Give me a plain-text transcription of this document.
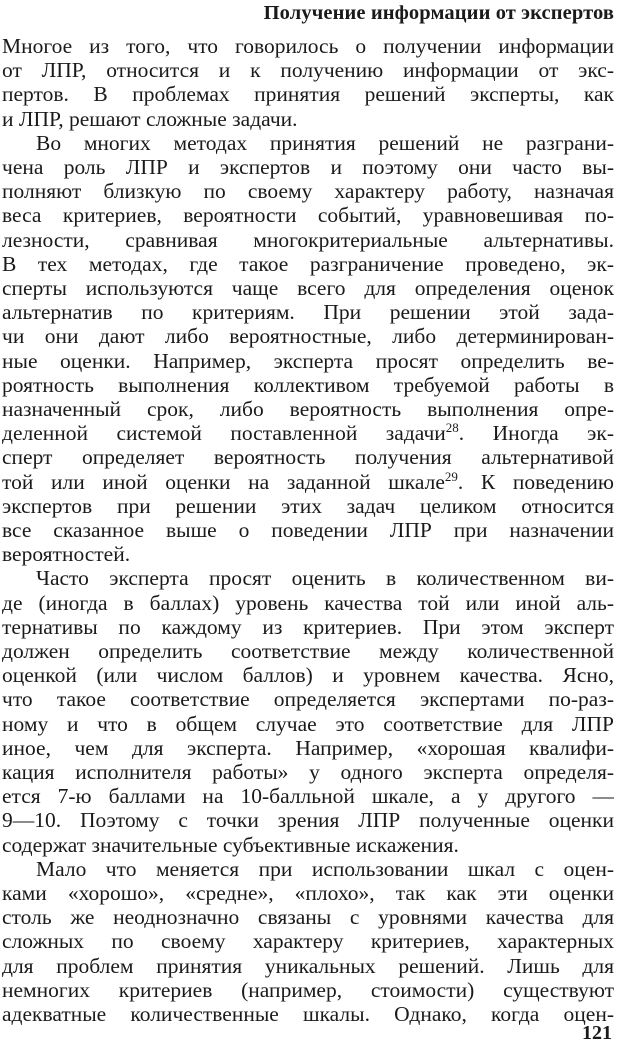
Получение информации от экспертов
Многое из того, что говорилось о получении информации
от ЛПР, относится и к получению информации от экс-
пертов. В проблемах принятия решений эксперты, как
и ЛПР, решают сложные задачи.
Во многих методах принятия решений не разграни-
чена роль ЛПР и экспертов и поэтому они часто вы-
полняют близкую по своему характеру работу, назначая
веса критериев, вероятности событий, уравновешивая по-
лезности, сравнивая многокритериальные альтернативы.
В тех методах, где такое разграничение проведено, эк-
сперты используются чаще всего для определения оценок
альтернатив по критериям. При решении этой зада-
чи они дают либо вероятностные, либо детерминирован-
ные оценки. Например, эксперта просят определить ве-
роятность выполнения коллективом требуемой работы в
назначенный срок, либо вероятность выполнения опре-
деленной системой поставленной задачи$^{28}$. Иногда эк-
сперт определяет вероятность получения альтернативой
той или иной оценки на заданной шкале$^{29}$. К поведению
экспертов при решении этих задач целиком относится
все сказанное выше о поведении ЛПР при назначении
вероятностей.
Часто эксперта просят оценить в количественном ви-
де (иногда в баллах) уровень качества той или иной аль-
тернативы по каждому из критериев. При этом эксперт
должен определить соответствие между количественной
оценкой (или числом баллов) и уровнем качества. Ясно,
что такое соответствие определяется экспертами по-раз-
ному и что в общем случае это соответствие для ЛПР
иное, чем для эксперта. Например, «хорошая квалифи-
кация исполнителя работы» у одного эксперта определя-
ется 7-ю баллами на 10-балльной шкале, а у другого —
9—10. Поэтому с точки зрения ЛПР полученные оценки
содержат значительные субъективные искажения.
Мало что меняется при использовании шкал с оцен-
ками «хорошо», «средне», «плохо», так как эти оценки
столь же неоднозначно связаны с уровнями качества для
сложных по своему характеру критериев, характерных
для проблем принятия уникальных решений. Лишь для
немногих критериев (например, стоимости) существуют
адекватные количественные шкалы. Однако, когда оцен-
121
